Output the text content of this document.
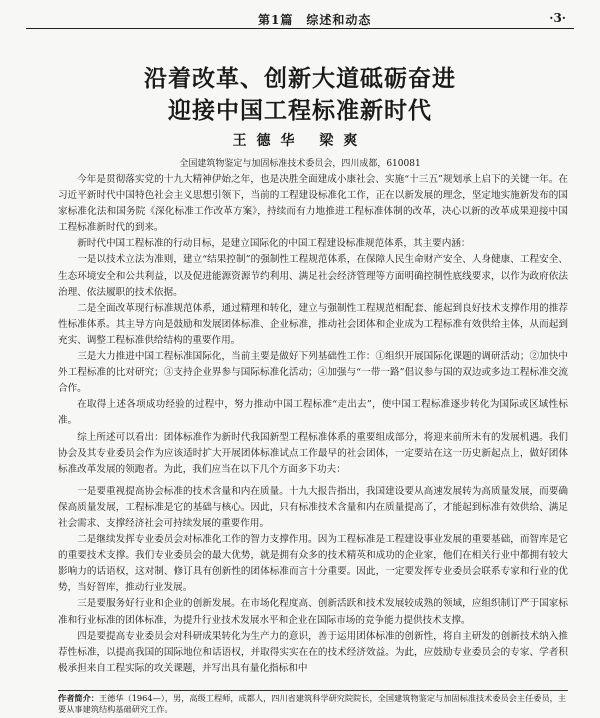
第1篇　综述和动态	·3·
沿着改革、创新大道砥砺奋进
迎接中国工程标准新时代
王德华 梁爽
全国建筑物鉴定与加固标准技术委员会，四川成都，610081

今年是贯彻落实党的十九大精神伊始之年，也是决胜全面建成小康社会、实施“十三五”规划承上启下的关键一年。在习近平新时代中国特色社会主义思想引领下，当前的工程建设标准化工作，正在以新发展的理念，坚定地实施新发布的国家标准化法和国务院《深化标准工作改革方案》，持续而有力地推进工程标准体制的改革，决心以新的改革成果迎接中国工程标准新时代的到来。

新时代中国工程标准的行动目标，是建立国际化的中国工程建设标准规范体系，其主要内涵：

一是以技术立法为准则，建立“结果控制”的强制性工程规范体系，在保障人民生命财产安全、人身健康、工程安全、生态环境安全和公共利益，以及促进能源资源节约利用、满足社会经济管理等方面明确控制性底线要求，以作为政府依法治理、依法履职的技术依据。

二是全面改革现行标准规范体系，通过精理和转化，建立与强制性工程规范相配套、能起到良好技术支撑作用的推荐性标准体系。其主导方向是鼓励和发展团体标准、企业标准，推动社会团体和企业成为工程标准有效供给主体，从而起到充实、调整工程标准供给结构的重要作用。

三是大力推进中国工程标准国际化，当前主要是做好下列基础性工作：①组织开展国际化课题的调研活动；②加快中外工程标准的比对研究；③支持企业界参与国际标准化活动；④加强与“一带一路”倡议参与国的双边或多边工程标准交流合作。

在取得上述各项成功经验的过程中，努力推动中国工程标准“走出去”，使中国工程标准逐步转化为国际或区域性标准。

综上所述可以看出：团体标准作为新时代我国新型工程标准体系的重要组成部分，将迎来前所未有的发展机遇。我们协会及其专业委员会作为应该适时扩大开展团体标准试点工作最早的社会团体，一定要站在这一历史新起点上，做好团体标准改革发展的领跑者。为此，我们应当在以下几个方面多下功夫：

一是要重视提高协会标准的技术含量和内在质量。十九大报告指出，我国建设要从高速发展转为高质量发展，而要确保高质量发展，工程标准是它的基础与核心。因此，只有标准技术含量和内在质量提高了，才能起到标准有效供给、满足社会需求、支撑经济社会可持续发展的重要作用。

二是继续发挥专业委员会对标准化工作的智力支撑作用。因为工程标准是工程建设事业发展的重要基础，而智库是它的重要技术支撑。我们专业委员会的最大优势，就是拥有众多的技术精英和成功的企业家，他们在相关行业中都拥有较大影响力的话语权，这对制、修订具有创新性的团体标准而言十分重要。因此，一定要发挥专业委员会联系专家和行业的优势，当好智库，推动行业发展。

三是要服务好行业和企业的创新发展。在市场化程度高、创新活跃和技术发展较成熟的领域，应组织制订严于国家标准和行业标准的团体标准，为提升行业技术发展水平和企业在国际市场的竞争能力提供技术支撑。

四是要提高专业委员会对科研成果转化为生产力的意识，善于运用团体标准的创新性，将自主研发的创新技术纳入推荐性标准，以提高我国的国际地位和话语权，并取得实实在在的技术经济效益。为此，应鼓励专业委员会的专家、学者积极承担来自工程实际的攻关课题，并写出具有量化指标和中

作者简介：王德华（1964—），男，高级工程师，成都人，四川省建筑科学研究院院长，全国建筑物鉴定与加固标准技术委员会主任委员，主要从事建筑结构基础研究工作。
